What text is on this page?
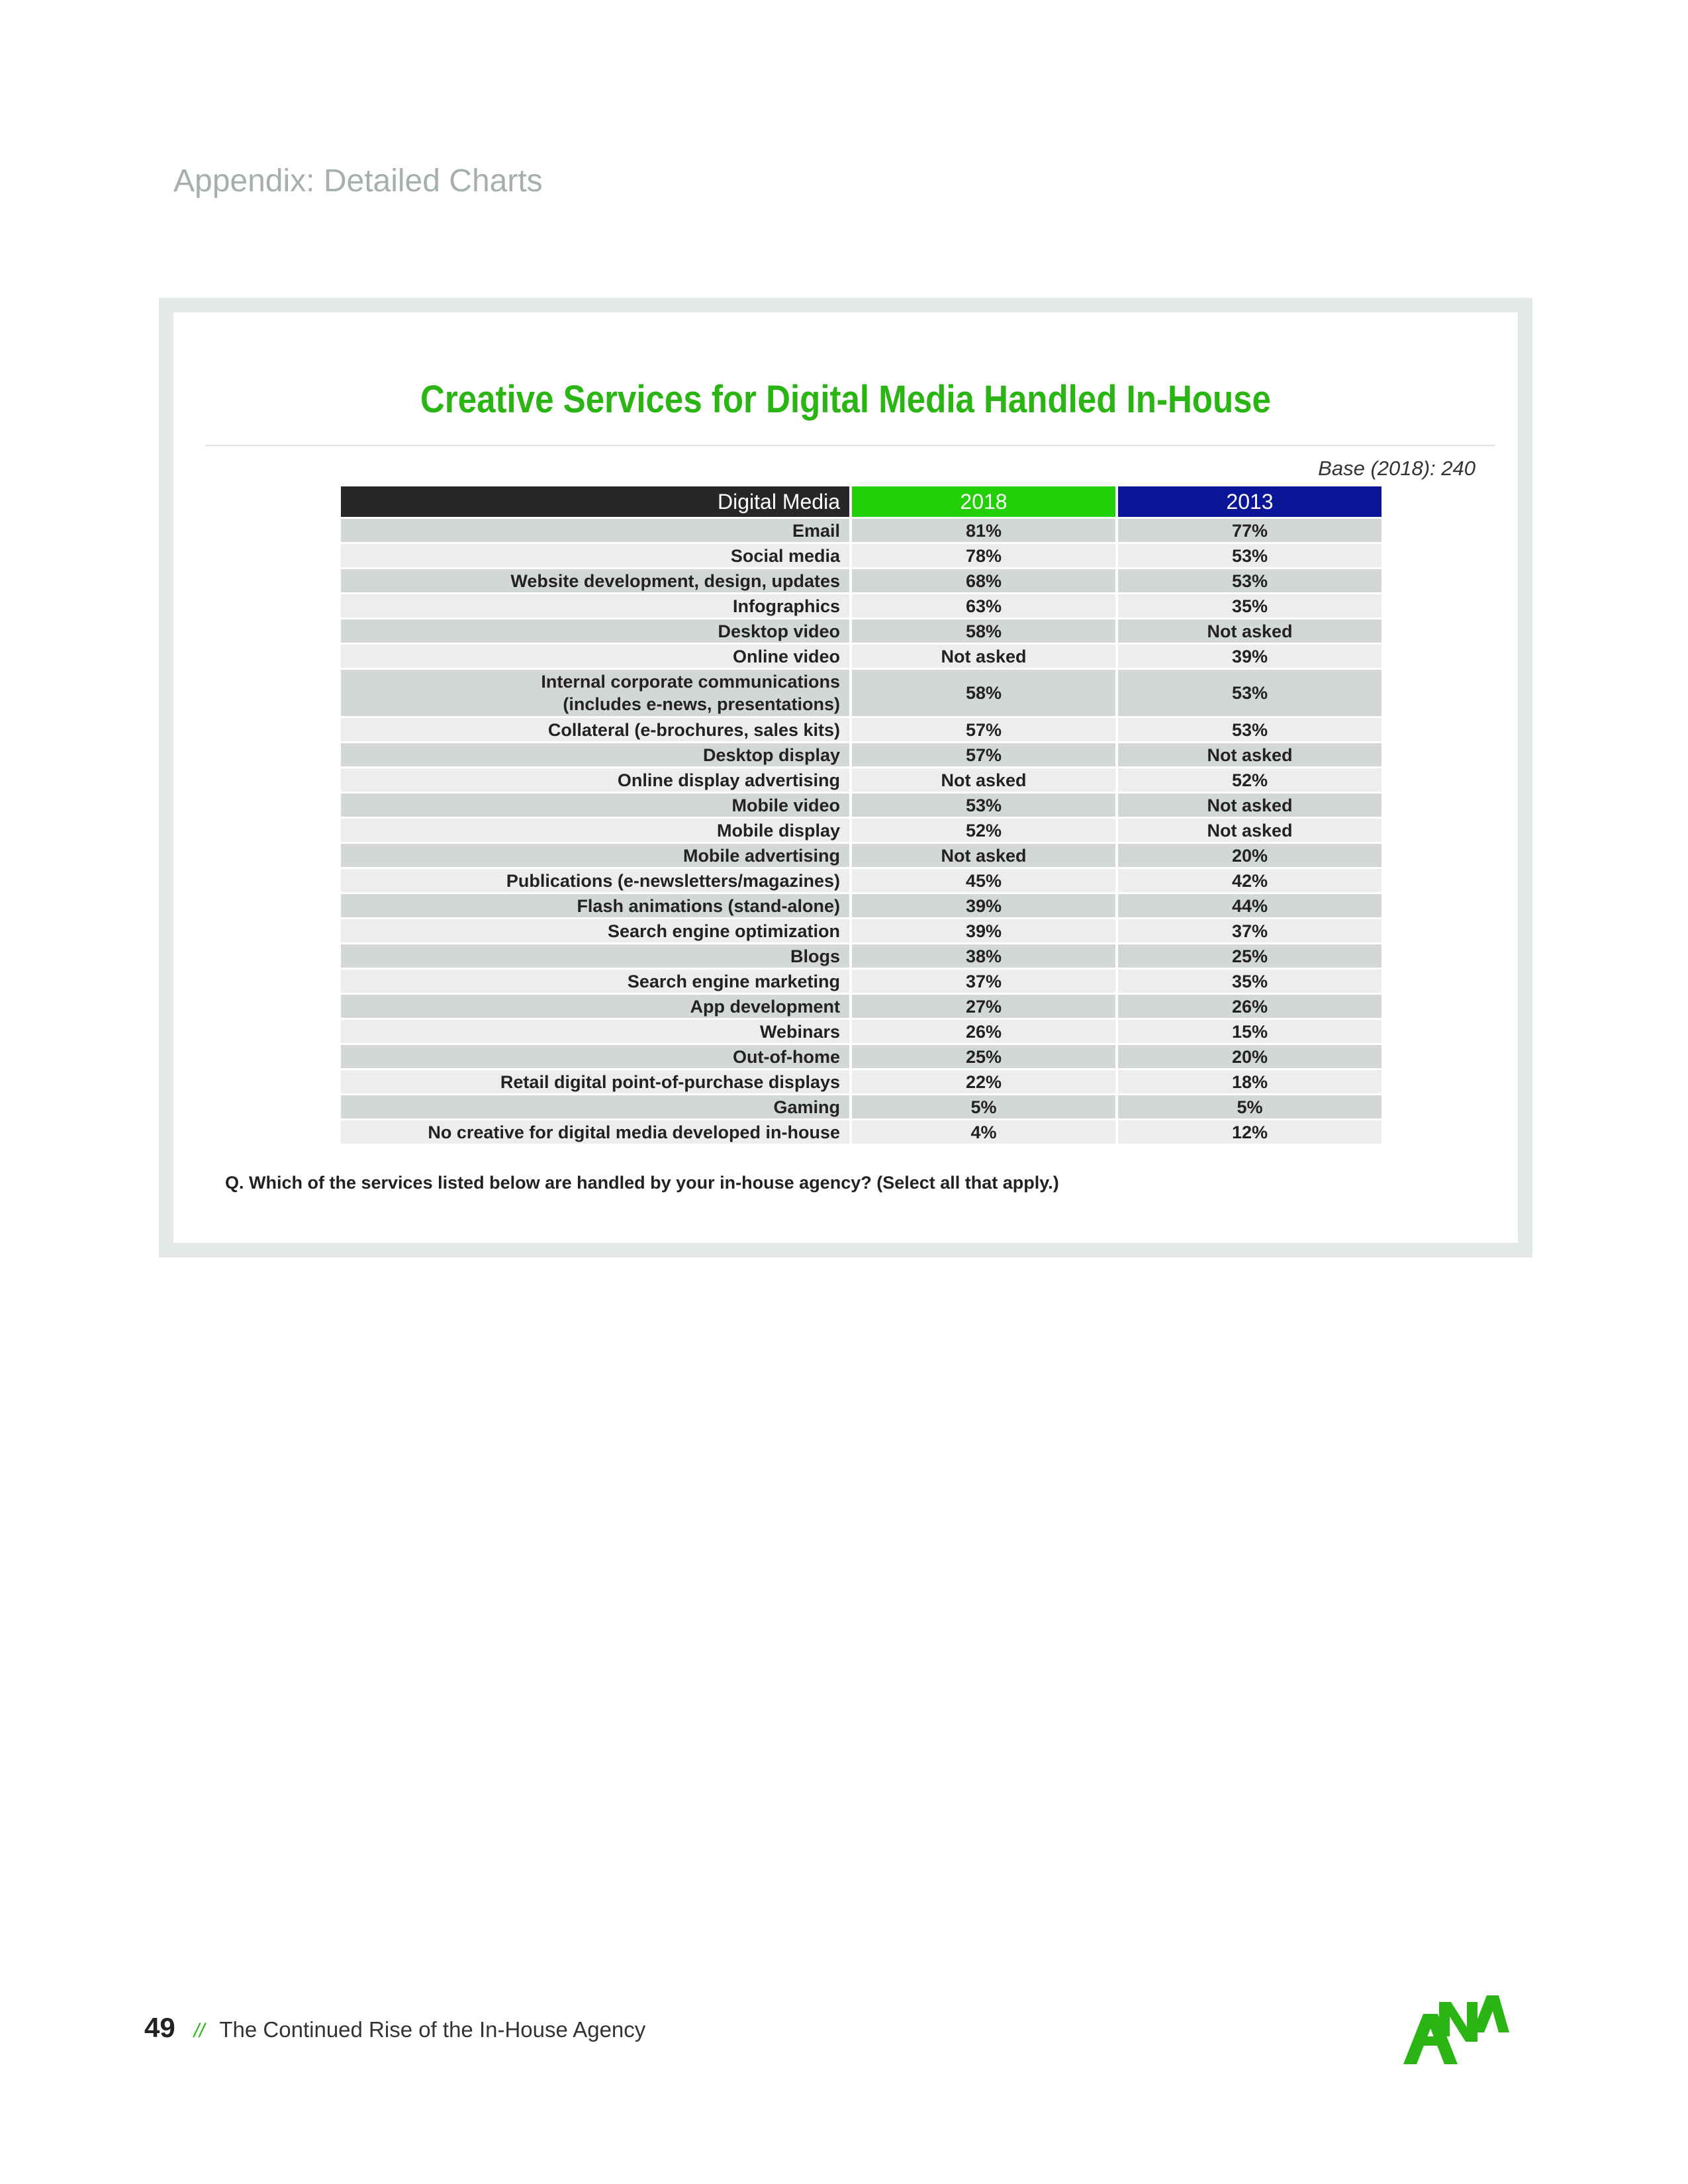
Appendix: Detailed Charts
Creative Services for Digital Media Handled In-House
Base (2018): 240
Digital Media	2018	2013
Email	81%	77%
Social media	78%	53%
Website development, design, updates	68%	53%
Infographics	63%	35%
Desktop video	58%	Not asked
Online video	Not asked	39%
Internal corporate communications
(includes e-news, presentations)	58%	53%
Collateral (e-brochures, sales kits)	57%	53%
Desktop display	57%	Not asked
Online display advertising	Not asked	52%
Mobile video	53%	Not asked
Mobile display	52%	Not asked
Mobile advertising	Not asked	20%
Publications (e-newsletters/magazines)	45%	42%
Flash animations (stand-alone)	39%	44%
Search engine optimization	39%	37%
Blogs	38%	25%
Search engine marketing	37%	35%
App development	27%	26%
Webinars	26%	15%
Out-of-home	25%	20%
Retail digital point-of-purchase displays	22%	18%
Gaming	5%	5%
No creative for digital media developed in-house	4%	12%
Q. Which of the services listed below are handled by your in-house agency? (Select all that apply.)
49 // The Continued Rise of the In-House Agency
